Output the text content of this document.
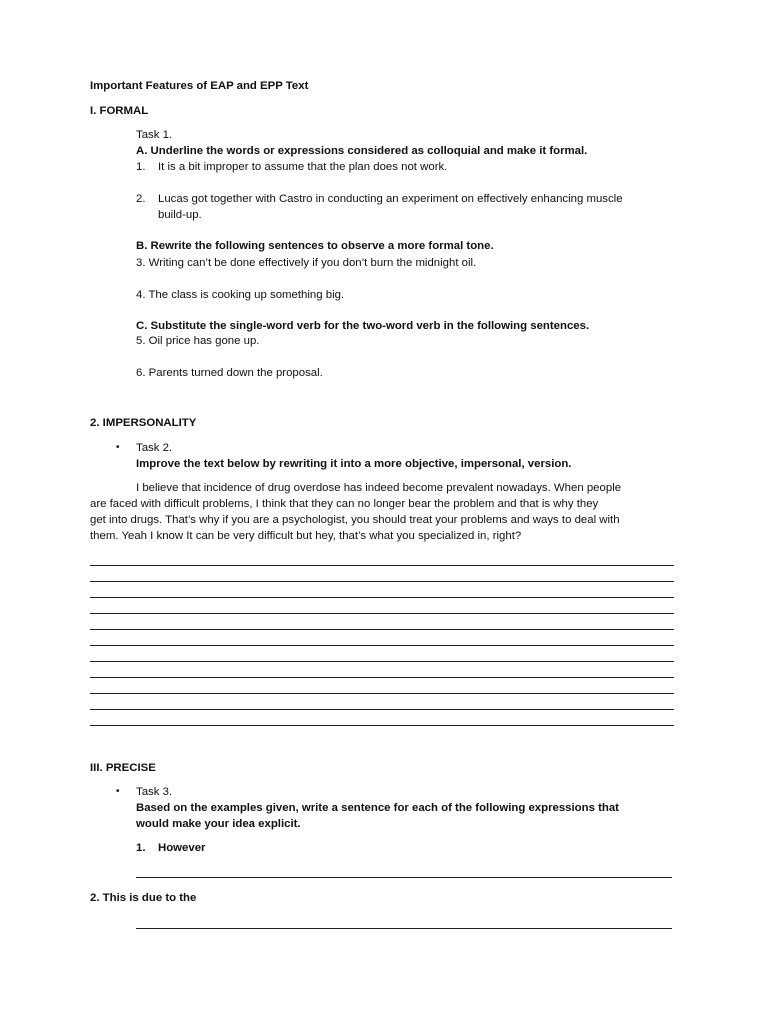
Important Features of EAP and EPP Text
I. FORMAL
Task 1.
A. Underline the words or expressions considered as colloquial and make it formal.
1. It is a bit improper to assume that the plan does not work.
2. Lucas got together with Castro in conducting an experiment on effectively enhancing muscle
build-up.
B. Rewrite the following sentences to observe a more formal tone.
3. Writing can’t be done effectively if you don’t burn the midnight oil.
4. The class is cooking up something big.
C. Substitute the single-word verb for the two-word verb in the following sentences.
5. Oil price has gone up.
6. Parents turned down the proposal.
2. IMPERSONALITY
• Task 2.
Improve the text below by rewriting it into a more objective, impersonal, version.
I believe that incidence of drug overdose has indeed become prevalent nowadays. When people
are faced with difficult problems, I think that they can no longer bear the problem and that is why they
get into drugs. That’s why if you are a psychologist, you should treat your problems and ways to deal with
them. Yeah I know It can be very difficult but hey, that’s what you specialized in, right?
III. PRECISE
• Task 3.
Based on the examples given, write a sentence for each of the following expressions that
would make your idea explicit.
1. However
2. This is due to the
